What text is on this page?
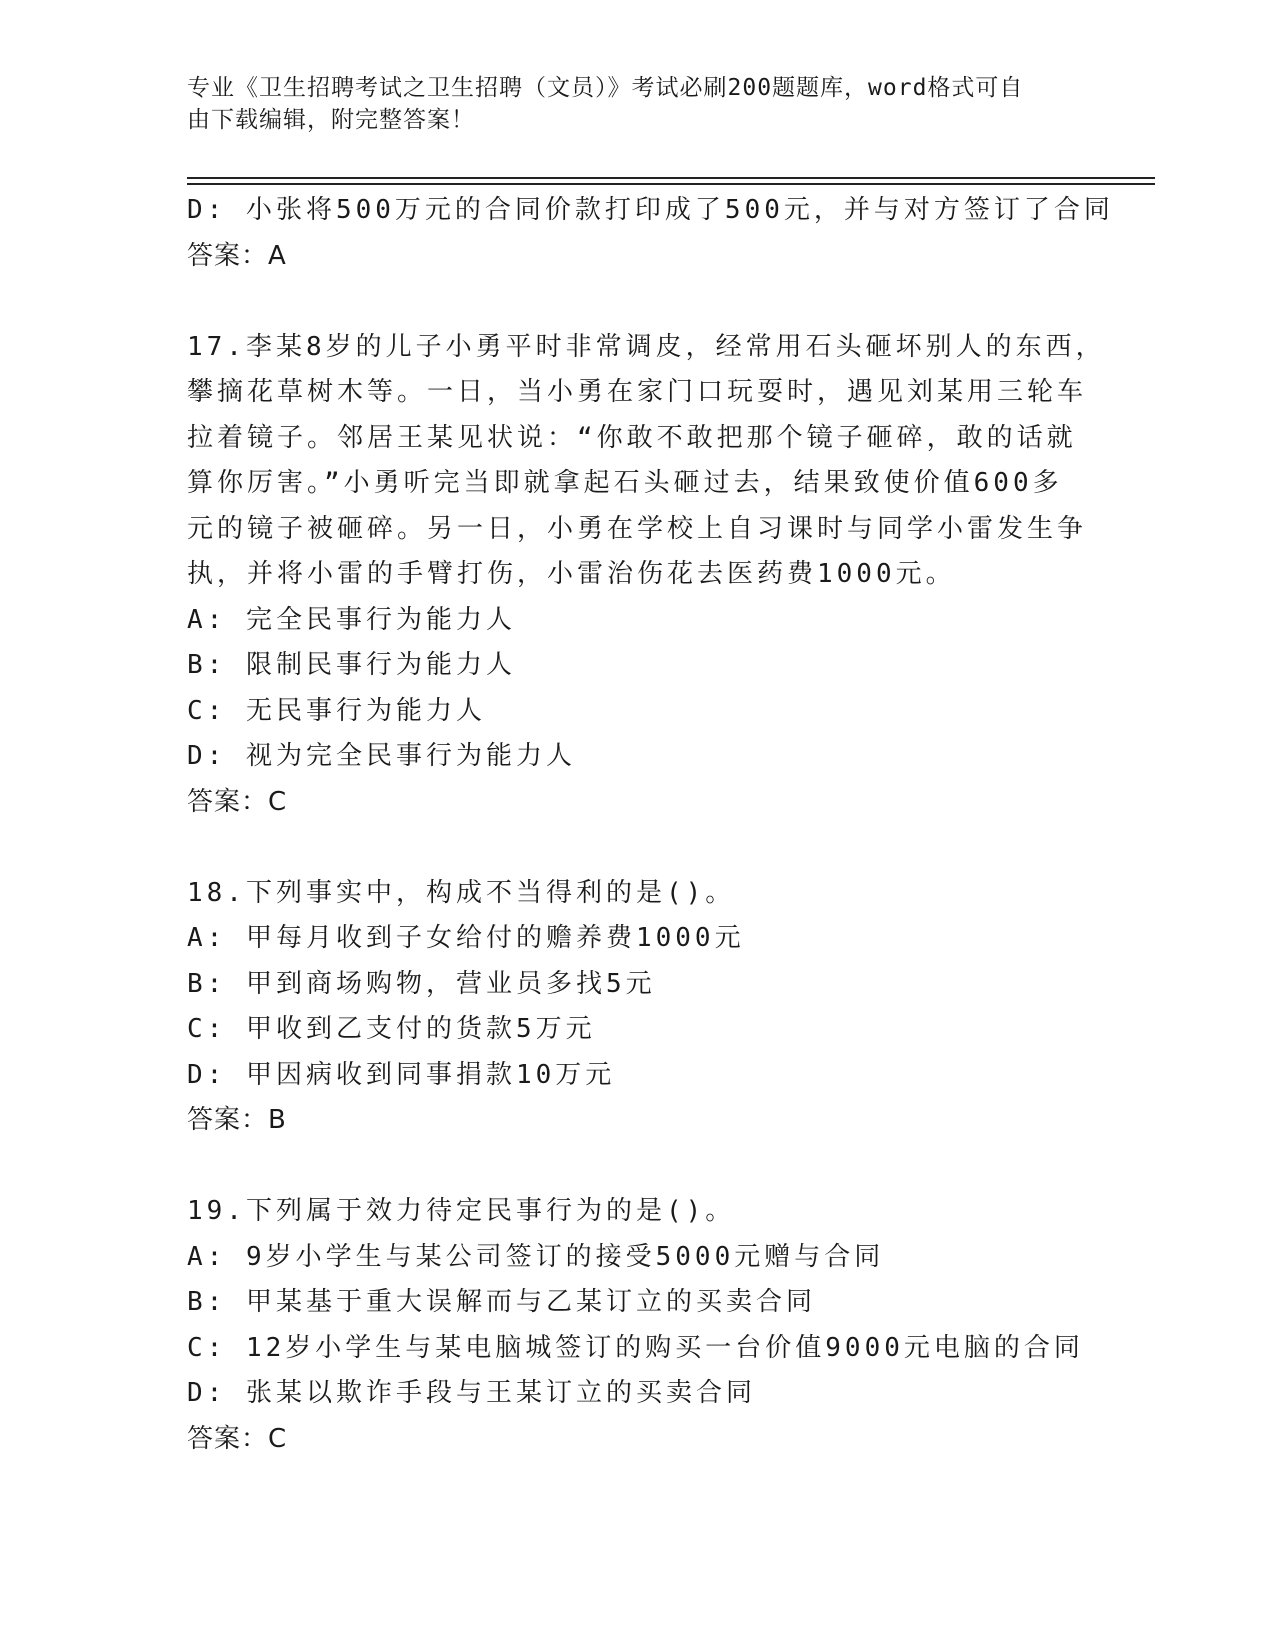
专业《卫生招聘考试之卫生招聘（文员）》考试必刷200题题库，word格式可自
由下载编辑，附完整答案！
D: 小张将500万元的合同价款打印成了500元，并与对方签订了合同
答案：A
17.李某8岁的儿子小勇平时非常调皮，经常用石头砸坏别人的东西，
攀摘花草树木等。一日，当小勇在家门口玩耍时，遇见刘某用三轮车
拉着镜子。邻居王某见状说：“你敢不敢把那个镜子砸碎，敢的话就
算你厉害。”小勇听完当即就拿起石头砸过去，结果致使价值600多
元的镜子被砸碎。另一日，小勇在学校上自习课时与同学小雷发生争
执，并将小雷的手臂打伤，小雷治伤花去医药费1000元。
A: 完全民事行为能力人
B: 限制民事行为能力人
C: 无民事行为能力人
D: 视为完全民事行为能力人
答案：C
18.下列事实中，构成不当得利的是()。
A: 甲每月收到子女给付的赡养费1000元
B: 甲到商场购物，营业员多找5元
C: 甲收到乙支付的货款5万元
D: 甲因病收到同事捐款10万元
答案：B
19.下列属于效力待定民事行为的是()。
A: 9岁小学生与某公司签订的接受5000元赠与合同
B: 甲某基于重大误解而与乙某订立的买卖合同
C: 12岁小学生与某电脑城签订的购买一台价值9000元电脑的合同
D: 张某以欺诈手段与王某订立的买卖合同
答案：C
